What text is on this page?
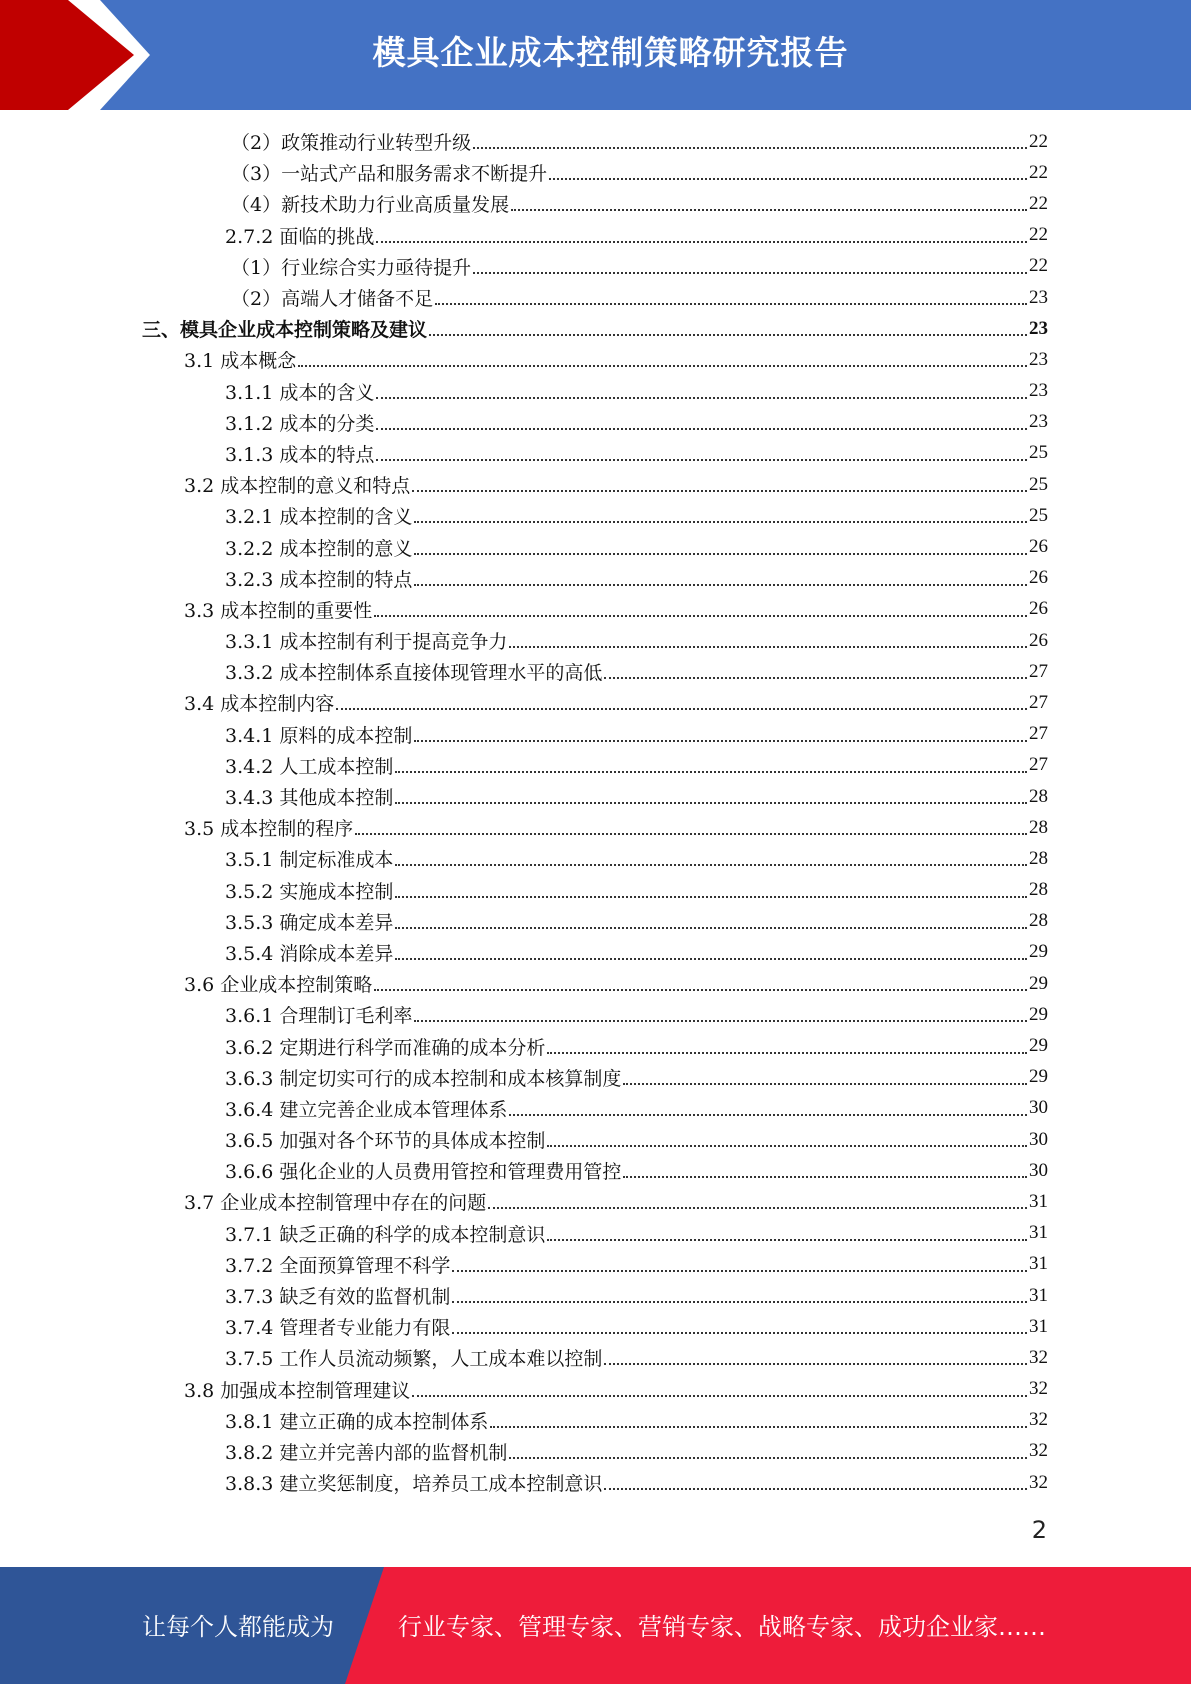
模具企业成本控制策略研究报告
（2）政策推动行业转型升级	22
（3）一站式产品和服务需求不断提升	22
（4）新技术助力行业高质量发展	22
2.7.2 面临的挑战	22
（1）行业综合实力亟待提升	22
（2）高端人才储备不足	23
三、模具企业成本控制策略及建议	23
3.1 成本概念	23
3.1.1 成本的含义	23
3.1.2 成本的分类	23
3.1.3 成本的特点	25
3.2 成本控制的意义和特点	25
3.2.1 成本控制的含义	25
3.2.2 成本控制的意义	26
3.2.3 成本控制的特点	26
3.3 成本控制的重要性	26
3.3.1 成本控制有利于提高竞争力	26
3.3.2 成本控制体系直接体现管理水平的高低	27
3.4 成本控制内容	27
3.4.1 原料的成本控制	27
3.4.2 人工成本控制	27
3.4.3 其他成本控制	28
3.5 成本控制的程序	28
3.5.1 制定标准成本	28
3.5.2 实施成本控制	28
3.5.3 确定成本差异	28
3.5.4 消除成本差异	29
3.6 企业成本控制策略	29
3.6.1 合理制订毛利率	29
3.6.2 定期进行科学而准确的成本分析	29
3.6.3 制定切实可行的成本控制和成本核算制度	29
3.6.4 建立完善企业成本管理体系	30
3.6.5 加强对各个环节的具体成本控制	30
3.6.6 强化企业的人员费用管控和管理费用管控	30
3.7 企业成本控制管理中存在的问题	31
3.7.1 缺乏正确的科学的成本控制意识	31
3.7.2 全面预算管理不科学	31
3.7.3 缺乏有效的监督机制	31
3.7.4 管理者专业能力有限	31
3.7.5 工作人员流动频繁，人工成本难以控制	32
3.8 加强成本控制管理建议	32
3.8.1 建立正确的成本控制体系	32
3.8.2 建立并完善内部的监督机制	32
3.8.3 建立奖惩制度，培养员工成本控制意识	32
2
让每个人都能成为	行业专家、管理专家、营销专家、战略专家、成功企业家……
